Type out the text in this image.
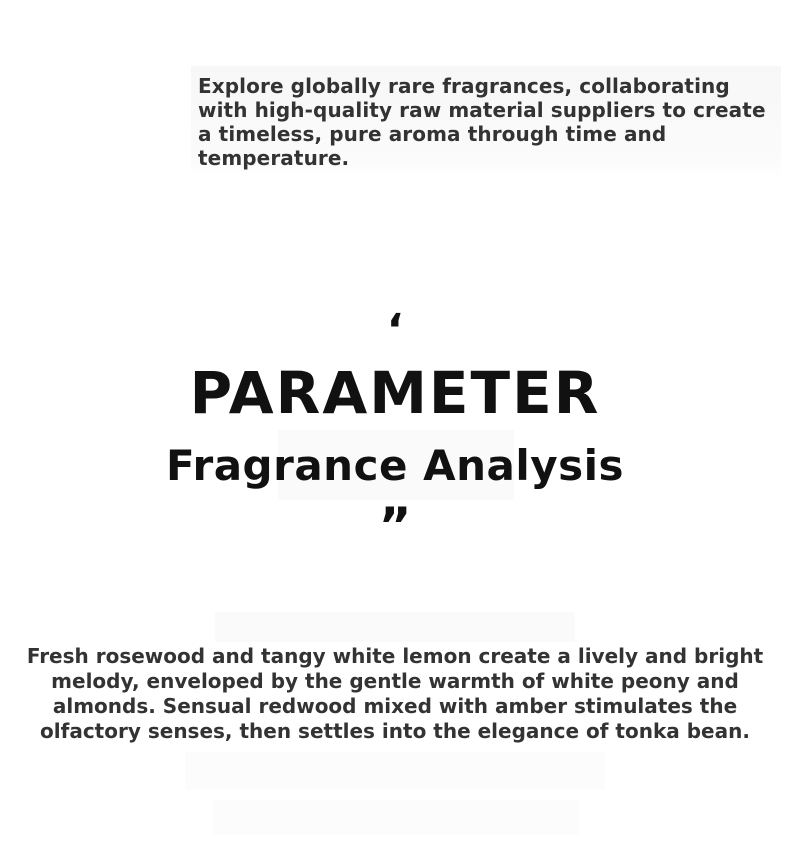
Explore globally rare fragrances, collaborating with high-quality raw material suppliers to create a timeless, pure aroma through time and temperature.

‘
PARAMETER
Fragrance Analysis
”

Fresh rosewood and tangy white lemon create a lively and bright melody, enveloped by the gentle warmth of white peony and almonds. Sensual redwood mixed with amber stimulates the olfactory senses, then settles into the elegance of tonka bean.
